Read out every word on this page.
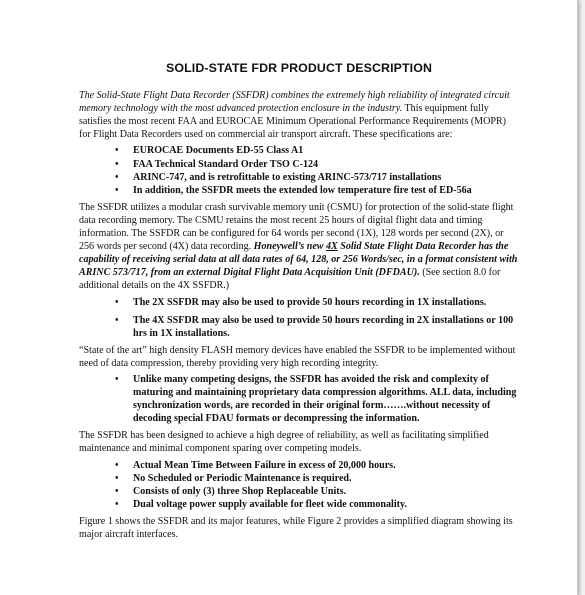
SOLID-STATE FDR PRODUCT DESCRIPTION

The Solid-State Flight Data Recorder (SSFDR) combines the extremely high reliability of integrated circuit memory technology with the most advanced protection enclosure in the industry. This equipment fully satisfies the most recent FAA and EUROCAE Minimum Operational Performance Requirements (MOPR) for Flight Data Recorders used on commercial air transport aircraft. These specifications are:

• EUROCAE Documents ED-55 Class A1
• FAA Technical Standard Order TSO C-124
• ARINC-747, and is retrofittable to existing ARINC-573/717 installations
• In addition, the SSFDR meets the extended low temperature fire test of ED-56a

The SSFDR utilizes a modular crash survivable memory unit (CSMU) for protection of the solid-state flight data recording memory. The CSMU retains the most recent 25 hours of digital flight data and timing information. The SSFDR can be configured for 64 words per second (1X), 128 words per second (2X), or 256 words per second (4X) data recording. Honeywell’s new 4X Solid State Flight Data Recorder has the capability of receiving serial data at all data rates of 64, 128, or 256 Words/sec, in a format consistent with ARINC 573/717, from an external Digital Flight Data Acquisition Unit (DFDAU). (See section 8.0 for additional details on the 4X SSFDR.)

• The 2X SSFDR may also be used to provide 50 hours recording in 1X installations.
• The 4X SSFDR may also be used to provide 50 hours recording in 2X installations or 100 hrs in 1X installations.

“State of the art” high density FLASH memory devices have enabled the SSFDR to be implemented without need of data compression, thereby providing very high recording integrity.

• Unlike many competing designs, the SSFDR has avoided the risk and complexity of maturing and maintaining proprietary data compression algorithms. ALL data, including synchronization words, are recorded in their original form…….without necessity of decoding special FDAU formats or decompressing the information.

The SSFDR has been designed to achieve a high degree of reliability, as well as facilitating simplified maintenance and minimal component sparing over competing models.

• Actual Mean Time Between Failure in excess of 20,000 hours.
• No Scheduled or Periodic Maintenance is required.
• Consists of only (3) three Shop Replaceable Units.
• Dual voltage power supply available for fleet wide commonality.

Figure 1 shows the SSFDR and its major features, while Figure 2 provides a simplified diagram showing its major aircraft interfaces.
